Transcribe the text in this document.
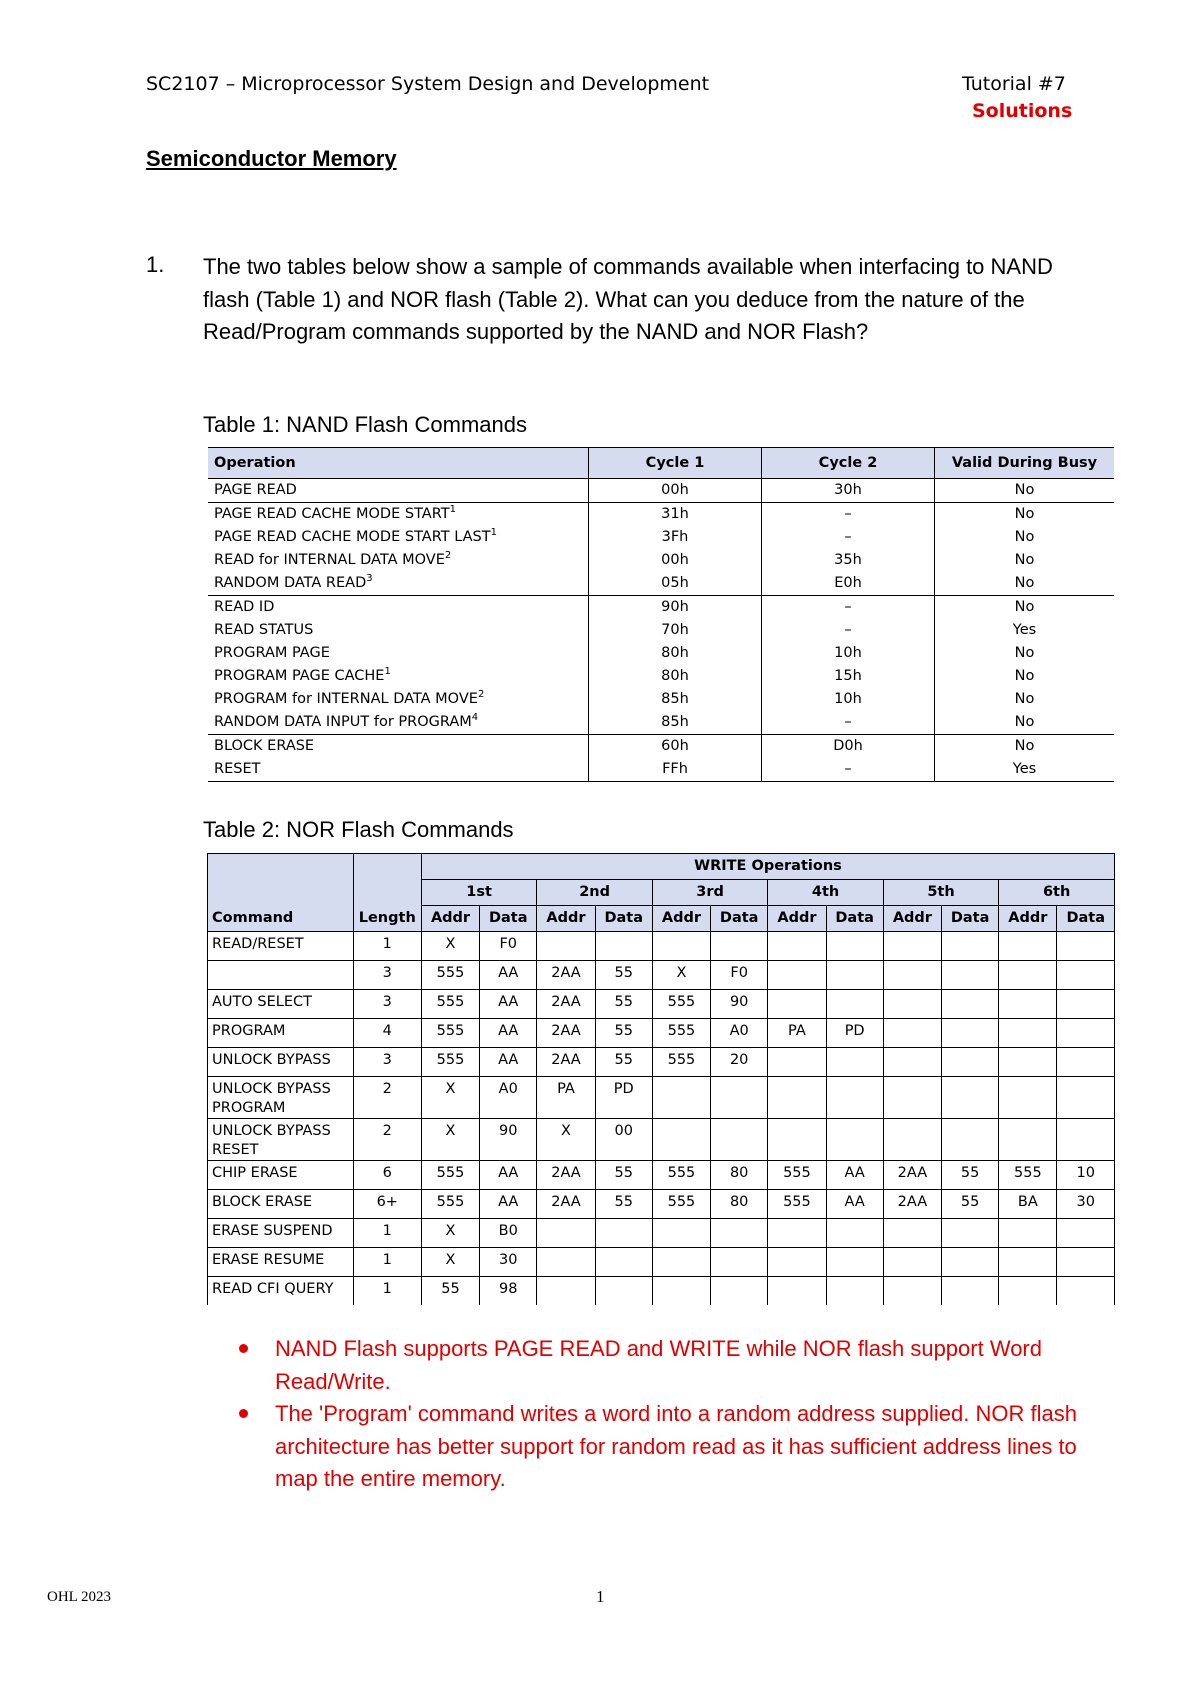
SC2107 – Microprocessor System Design and Development	Tutorial #7
Solutions
Semiconductor Memory
1. The two tables below show a sample of commands available when interfacing to NAND flash (Table 1) and NOR flash (Table 2). What can you deduce from the nature of the Read/Program commands supported by the NAND and NOR Flash?
Table 1: NAND Flash Commands
Operation	Cycle 1	Cycle 2	Valid During Busy
PAGE READ	00h	30h	No
PAGE READ CACHE MODE START$^1$	31h	–	No
PAGE READ CACHE MODE START LAST$^1$	3Fh	–	No
READ for INTERNAL DATA MOVE$^2$	00h	35h	No
RANDOM DATA READ$^3$	05h	E0h	No
READ ID	90h	–	No
READ STATUS	70h	–	Yes
PROGRAM PAGE	80h	10h	No
PROGRAM PAGE CACHE$^1$	80h	15h	No
PROGRAM for INTERNAL DATA MOVE$^2$	85h	10h	No
RANDOM DATA INPUT for PROGRAM$^4$	85h	–	No
BLOCK ERASE	60h	D0h	No
RESET	FFh	–	Yes
Table 2: NOR Flash Commands
Command	Length	WRITE Operations											
		1st		2nd		3rd		4th		5th		6th	
		Addr	Data	Addr	Data	Addr	Data	Addr	Data	Addr	Data	Addr	Data
READ/RESET	1	X	F0										
	3	555	AA	2AA	55	X	F0						
AUTO SELECT	3	555	AA	2AA	55	555	90						
PROGRAM	4	555	AA	2AA	55	555	A0	PA	PD				
UNLOCK BYPASS	3	555	AA	2AA	55	555	20						
UNLOCK BYPASS PROGRAM	2	X	A0	PA	PD								
UNLOCK BYPASS RESET	2	X	90	X	00								
CHIP ERASE	6	555	AA	2AA	55	555	80	555	AA	2AA	55	555	10
BLOCK ERASE	6+	555	AA	2AA	55	555	80	555	AA	2AA	55	BA	30
ERASE SUSPEND	1	X	B0										
ERASE RESUME	1	X	30										
READ CFI QUERY	1	55	98										
NAND Flash supports PAGE READ and WRITE while NOR flash support Word Read/Write.
The 'Program' command writes a word into a random address supplied. NOR flash architecture has better support for random read as it has sufficient address lines to map the entire memory.
OHL 2023	1
